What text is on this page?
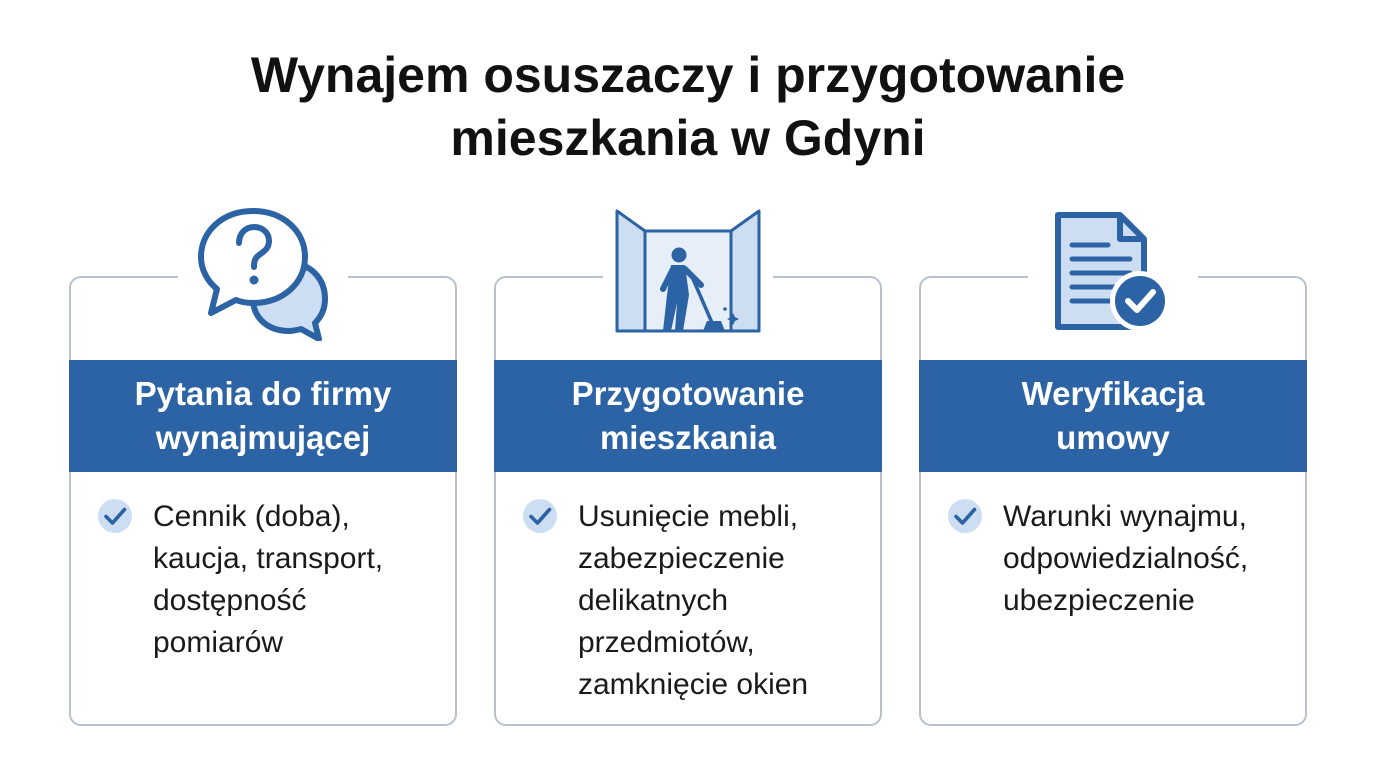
Wynajem osuszaczy i przygotowanie
mieszkania w Gdyni
Pytania do firmy
wynajmującej
Cennik (doba),
kaucja, transport,
dostępność
pomiarów
Przygotowanie
mieszkania
Usunięcie mebli,
zabezpieczenie
delikatnych
przedmiotów,
zamknięcie okien
Weryfikacja
umowy
Warunki wynajmu,
odpowiedzialność,
ubezpieczenie
